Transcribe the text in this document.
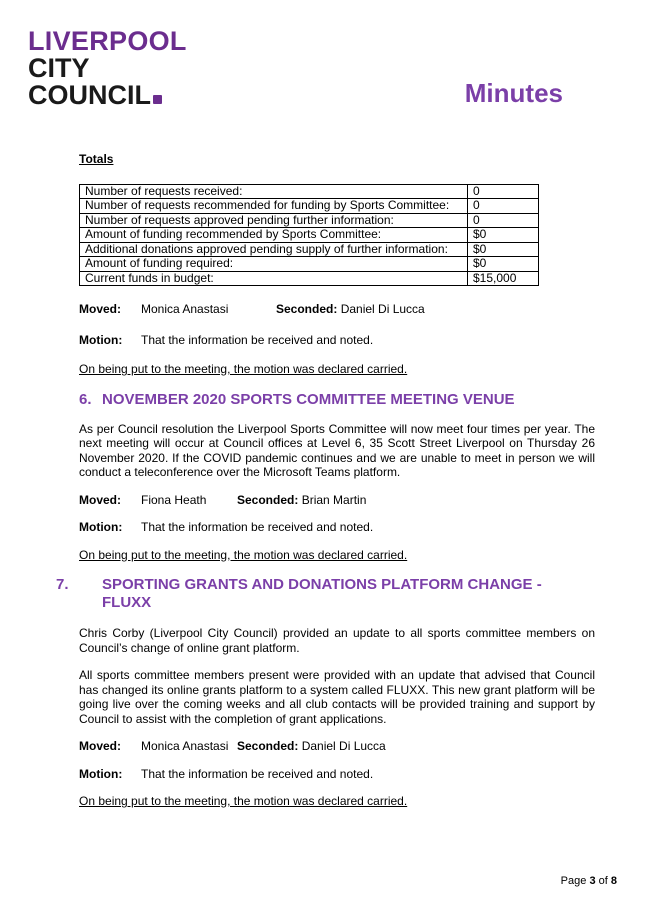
LIVERPOOL
CITY
COUNCIL	Minutes
Totals
Number of requests received:	0
Number of requests recommended for funding by Sports Committee:	0
Number of requests approved pending further information:	0
Amount of funding recommended by Sports Committee:	$0
Additional donations approved pending supply of further information:	$0
Amount of funding required:	$0
Current funds in budget:	$15,000
Moved: Monica Anastasi	Seconded: Daniel Di Lucca
Motion: That the information be received and noted.
On being put to the meeting, the motion was declared carried.
6. NOVEMBER 2020 SPORTS COMMITTEE MEETING VENUE

As per Council resolution the Liverpool Sports Committee will now meet four times per year. The next meeting will occur at Council offices at Level 6, 35 Scott Street Liverpool on Thursday 26 November 2020. If the COVID pandemic continues and we are unable to meet in person we will conduct a teleconference over the Microsoft Teams platform.

Moved: Fiona Heath	Seconded: Brian Martin
Motion: That the information be received and noted.
On being put to the meeting, the motion was declared carried.
7. SPORTING GRANTS AND DONATIONS PLATFORM CHANGE - FLUXX

Chris Corby (Liverpool City Council) provided an update to all sports committee members on Council’s change of online grant platform.

All sports committee members present were provided with an update that advised that Council has changed its online grants platform to a system called FLUXX. This new grant platform will be going live over the coming weeks and all club contacts will be provided training and support by Council to assist with the completion of grant applications.

Moved: Monica Anastasi Seconded: Daniel Di Lucca
Motion: That the information be received and noted.
On being put to the meeting, the motion was declared carried.
Page 3 of 8
